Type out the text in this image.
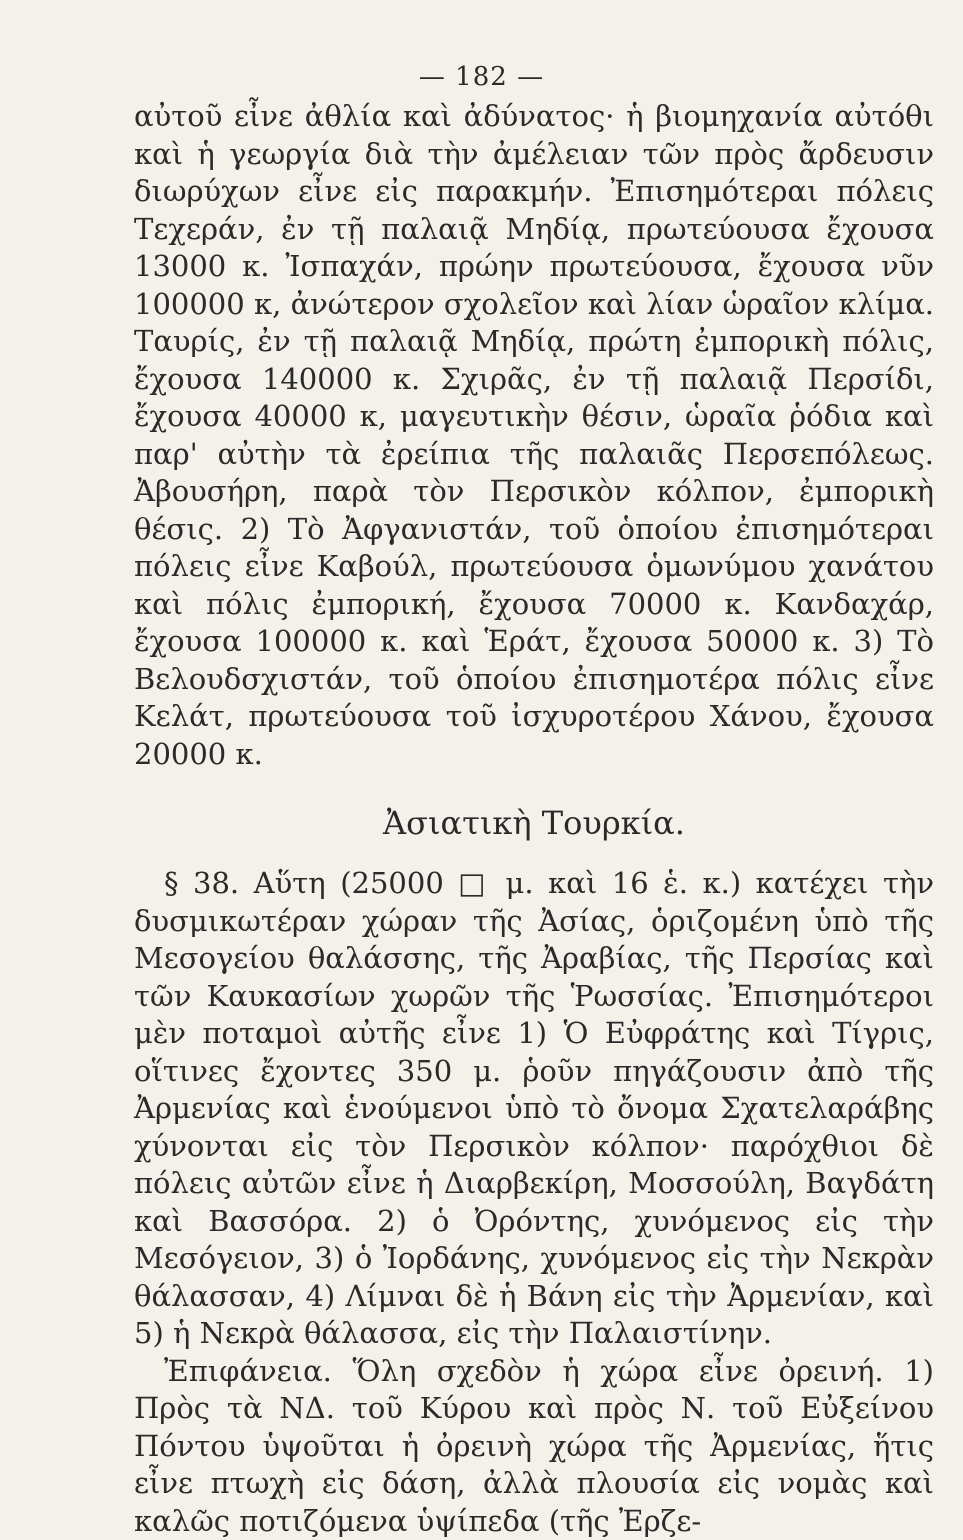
— 182 —
αὐτοῦ εἶνε ἀθλία καὶ ἀδύνατος· ἡ βιομηχανία αὐτόθι καὶ ἡ γεωργία διὰ τὴν ἀμέλειαν τῶν πρὸς ἄρδευσιν διωρύχων εἶνε εἰς παρακμήν. Ἐπισημότεραι πόλεις Τεχεράν, ἐν τῇ παλαιᾷ Μηδίᾳ, πρωτεύουσα ἔχουσα 13000 κ. Ἰσπαχάν, πρώην πρωτεύουσα, ἔχουσα νῦν 100000 κ, ἀνώτερον σχολεῖον καὶ λίαν ὡραῖον κλίμα. Ταυρίς, ἐν τῇ παλαιᾷ Μηδίᾳ, πρώτη ἐμπορικὴ πόλις, ἔχουσα 140000 κ. Σχιρᾶς, ἐν τῇ παλαιᾷ Περσίδι, ἔχουσα 40000 κ, μαγευτικὴν θέσιν, ὡραῖα ῥόδια καὶ παρ' αὐτὴν τὰ ἐρείπια τῆς παλαιᾶς Περσεπόλεως. Ἀβουσήρη, παρὰ τὸν Περσικὸν κόλπον, ἐμπορικὴ θέσις. 2) Τὸ Ἀφγανιστάν, τοῦ ὁποίου ἐπισημότεραι πόλεις εἶνε Καβούλ, πρωτεύουσα ὁμωνύμου χανάτου καὶ πόλις ἐμπορική, ἔχουσα 70000 κ. Κανδαχάρ, ἔχουσα 100000 κ. καὶ Ἑράτ, ἔχουσα 50000 κ. 3) Τὸ Βελουδσχιστάν, τοῦ ὁποίου ἐπισημοτέρα πόλις εἶνε Κελάτ, πρωτεύουσα τοῦ ἰσχυροτέρου Χάνου, ἔχουσα 20000 κ.
Ἀσιατικὴ Τουρκία.
§ 38. Αὕτη (25000 □ μ. καὶ 16 ἑ. κ.) κατέχει τὴν δυσμικωτέραν χώραν τῆς Ἀσίας, ὁριζομένη ὑπὸ τῆς Μεσογείου θαλάσσης, τῆς Ἀραβίας, τῆς Περσίας καὶ τῶν Καυκασίων χωρῶν τῆς Ῥωσσίας. Ἐπισημότεροι μὲν ποταμοὶ αὐτῆς εἶνε 1) Ὁ Εὐφράτης καὶ Τίγρις, οἵτινες ἔχοντες 350 μ. ῥοῦν πηγάζουσιν ἀπὸ τῆς Ἀρμενίας καὶ ἑνούμενοι ὑπὸ τὸ ὄνομα Σχατελαράβης χύνονται εἰς τὸν Περσικὸν κόλπον· παρόχθιοι δὲ πόλεις αὐτῶν εἶνε ἡ Διαρβεκίρη, Μοσσούλη, Βαγδάτη καὶ Βασσόρα. 2) ὁ Ὀρόντης, χυνόμενος εἰς τὴν Μεσόγειον, 3) ὁ Ἰορδάνης, χυνόμενος εἰς τὴν Νεκρὰν θάλασσαν, 4) Λίμναι δὲ ἡ Βάνη εἰς τὴν Ἀρμενίαν, καὶ 5) ἡ Νεκρὰ θάλασσα, εἰς τὴν Παλαιστίνην.
Ἐπιφάνεια. Ὅλη σχεδὸν ἡ χώρα εἶνε ὀρεινή. 1) Πρὸς τὰ ΝΔ. τοῦ Κύρου καὶ πρὸς Ν. τοῦ Εὐξείνου Πόντου ὑψοῦται ἡ ὀρεινὴ χώρα τῆς Ἀρμενίας, ἥτις εἶνε πτωχὴ εἰς δάση, ἀλλὰ πλουσία εἰς νομὰς καὶ καλῶς ποτιζόμενα ὑψίπεδα (τῆς Ἐρζε-
